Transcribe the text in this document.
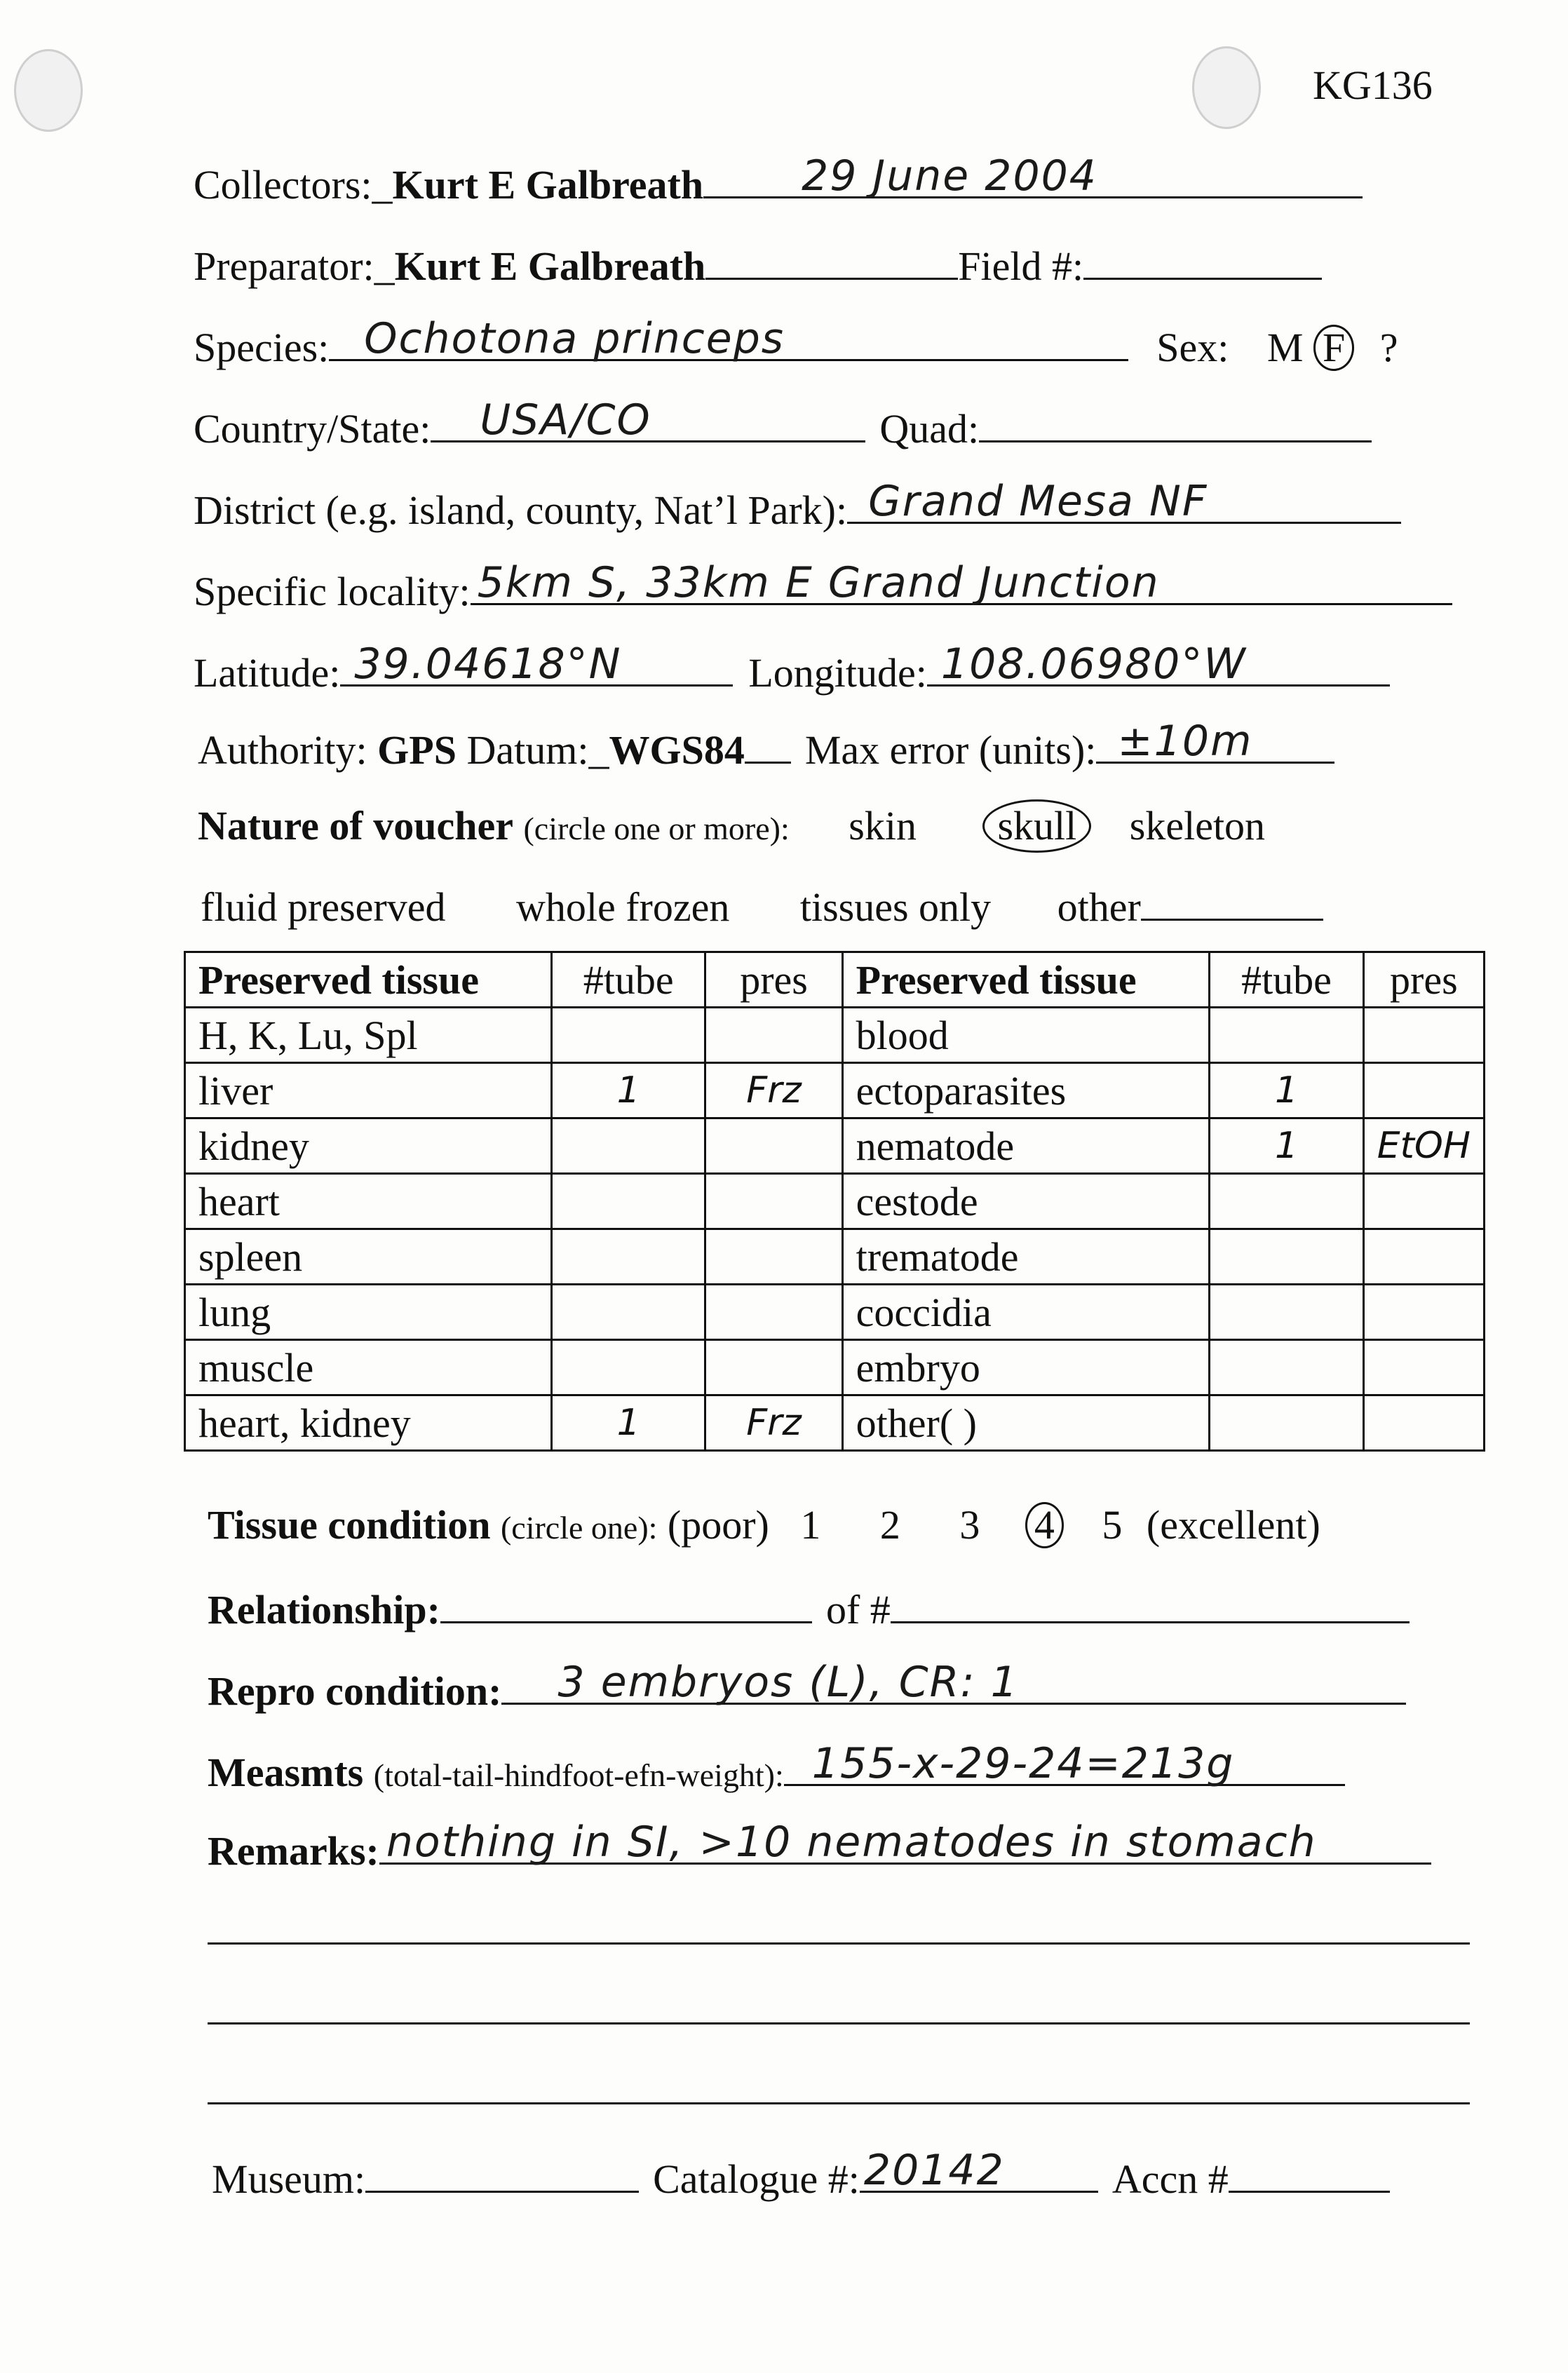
KG136
Collectors:_Kurt E Galbreath 29 June 2004
Preparator:_Kurt E Galbreath	Field #:
Species: Ochotona princeps	Sex: M F ?
Country/State: USA/CO	Quad:
District (e.g. island, county, Nat’l Park): Grand Mesa NF
Specific locality: 5km S, 33km E Grand Junction
Latitude: 39.04618°N	Longitude: 108.06980°W
Authority: GPS Datum:_WGS84 Max error (units): ±10m
Nature of voucher (circle one or more): skin skull skeleton
fluid preserved whole frozen tissues only other
Preserved tissue	#tube	pres	Preserved tissue	#tube	pres
H, K, Lu, Spl			blood		
liver	1	Frz	ectoparasites	1	
kidney			nematode	1	EtOH
heart			cestode		
spleen			trematode		
lung			coccidia		
muscle			embryo		
heart, kidney	1	Frz	other( )		
Tissue condition (circle one): (poor) 1 2 3 4 5 (excellent)
Relationship:	of #
Repro condition: 3 embryos (L), CR: 1
Measmts (total-tail-hindfoot-efn-weight): 155-x-29-24=213g
Remarks: nothing in SI, >10 nematodes in stomach
Museum:	Catalogue #: 20142	Accn #
